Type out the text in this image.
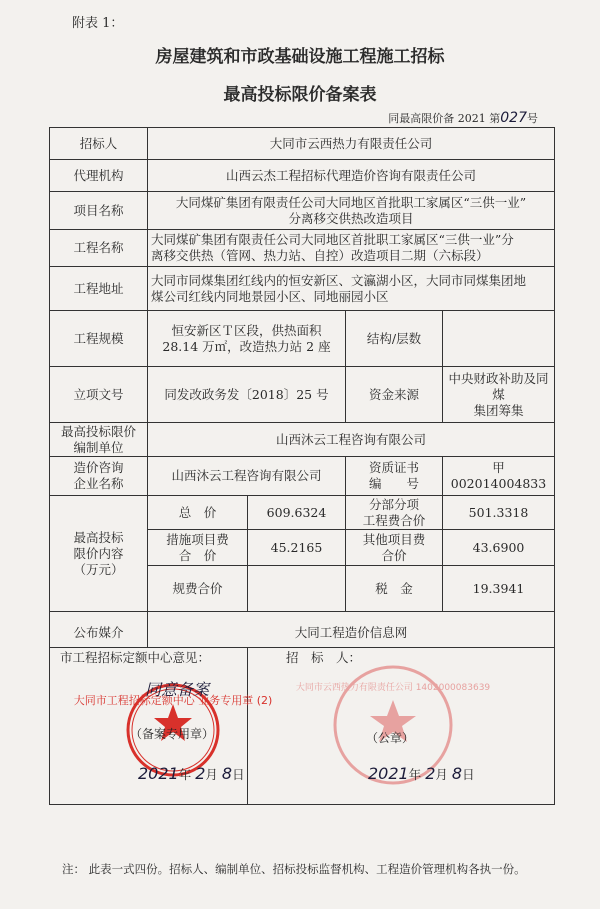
附表 1：
房屋建筑和市政基础设施工程施工招标
最高投标限价备案表
同最高限价备 2021 第027号
招标人	大同市云西热力有限责任公司			
代理机构	山西云杰工程招标代理造价咨询有限责任公司			
项目名称	大同煤矿集团有限责任公司大同地区首批职工家属区“三供一业”
分离移交供热改造项目			
工程名称	大同煤矿集团有限责任公司大同地区首批职工家属区“三供一业”分
离移交供热（管网、热力站、自控）改造项目二期（六标段）			
工程地址	大同市同煤集团红线内的恒安新区、文瀛湖小区，大同市同煤集团地
煤公司红线内同地景园小区、同地丽园小区			
工程规模	恒安新区Ｔ区段，供热面积
28.14 万㎡，改造热力站 2 座		结构/层数	
立项文号	同发改政务发〔2018〕25 号		资金来源	中央财政补助及同煤
集团筹集
最高投标限价
编制单位	山西沐云工程咨询有限公司			
造价咨询
企业名称	山西沐云工程咨询有限公司		资质证书
编　　号	甲 002014004833
最高投标
限价内容
（万元）	总　价	609.6324	分部分项
工程费合价	501.3318
	措施项目费
合　价	45.2165	其他项目费
合价	43.6900
	规费合价		税　金	19.3941

公布媒介	大同工程造价信息网			

市工程招标定额中心意见：
大同市工程招标定额中心 业务专用章 (2)
同意备案
（备案专用章）
2021年 2月 8日		招　标　人：
大同市云西热力有限责任公司 1402000083639
（公章）
2021年 2月 8日		
注： 此表一式四份。招标人、编制单位、招标投标监督机构、工程造价管理机构各执一份。
